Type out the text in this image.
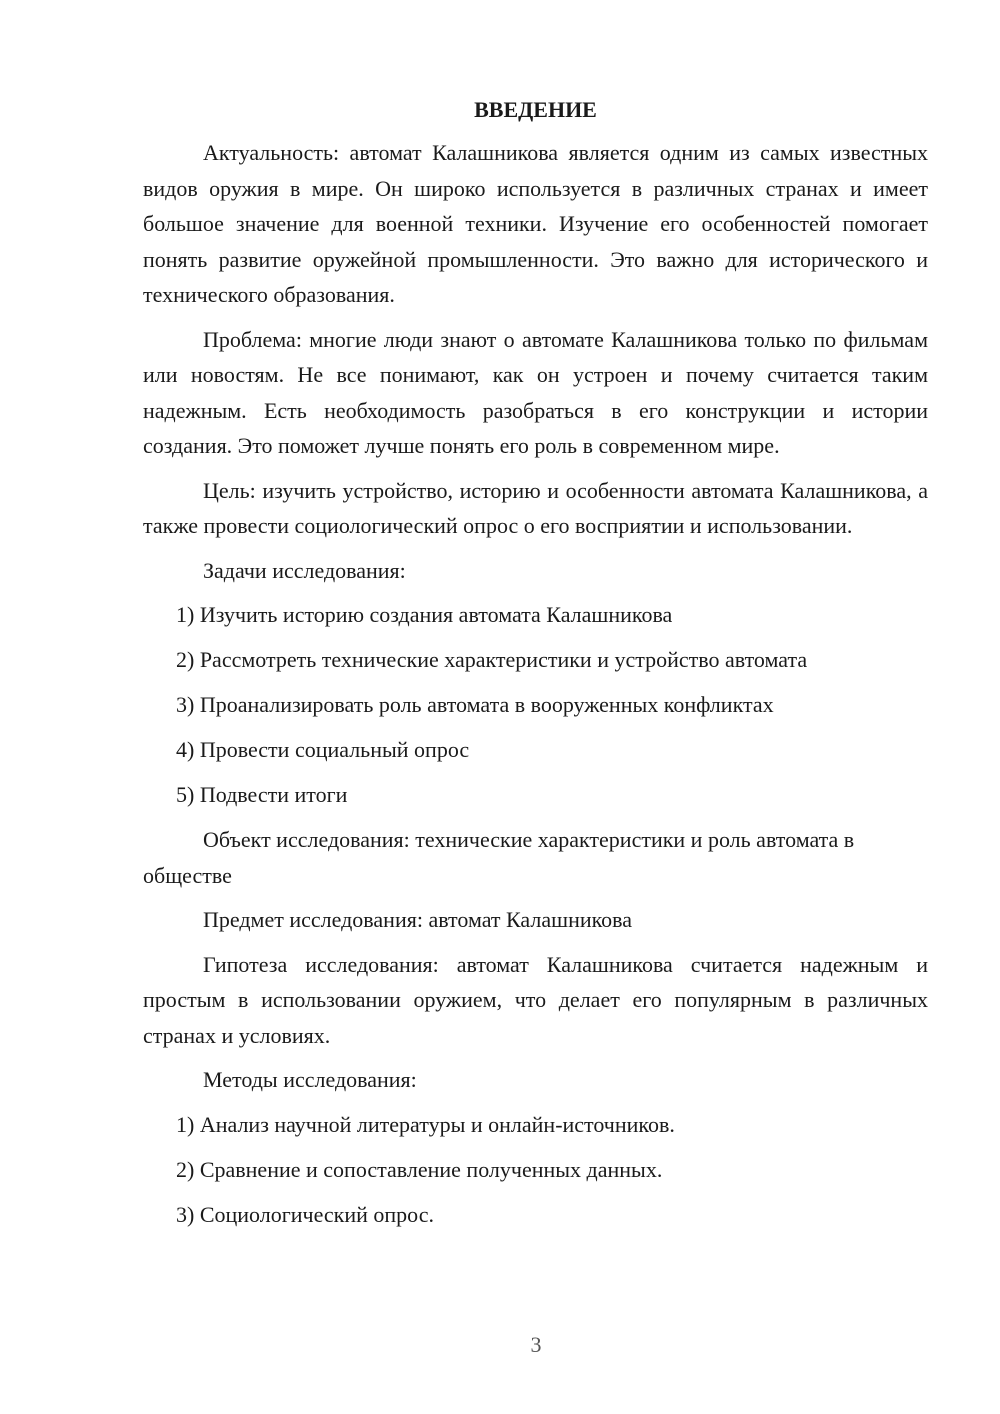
ВВЕДЕНИЕ

Актуальность: автомат Калашникова является одним из самых известных видов оружия в мире. Он широко используется в различных странах и имеет большое значение для военной техники. Изучение его особенностей помогает понять развитие оружейной промышленности. Это важно для исторического и технического образования.

Проблема: многие люди знают о автомате Калашникова только по фильмам или новостям. Не все понимают, как он устроен и почему считается таким надежным. Есть необходимость разобраться в его конструкции и истории создания. Это поможет лучше понять его роль в современном мире.

Цель: изучить устройство, историю и особенности автомата Калашникова, а также провести социологический опрос о его восприятии и использовании.

Задачи исследования:

1) Изучить историю создания автомата Калашникова
2) Рассмотреть технические характеристики и устройство автомата
3) Проанализировать роль автомата в вооруженных конфликтах
4) Провести социальный опрос
5) Подвести итоги

Объект исследования: технические характеристики и роль автомата в обществе

Предмет исследования: автомат Калашникова

Гипотеза исследования: автомат Калашникова считается надежным и простым в использовании оружием, что делает его популярным в различных странах и условиях.

Методы исследования:

1) Анализ научной литературы и онлайн-источников.
2) Сравнение и сопоставление полученных данных.
3) Социологический опрос.
3
